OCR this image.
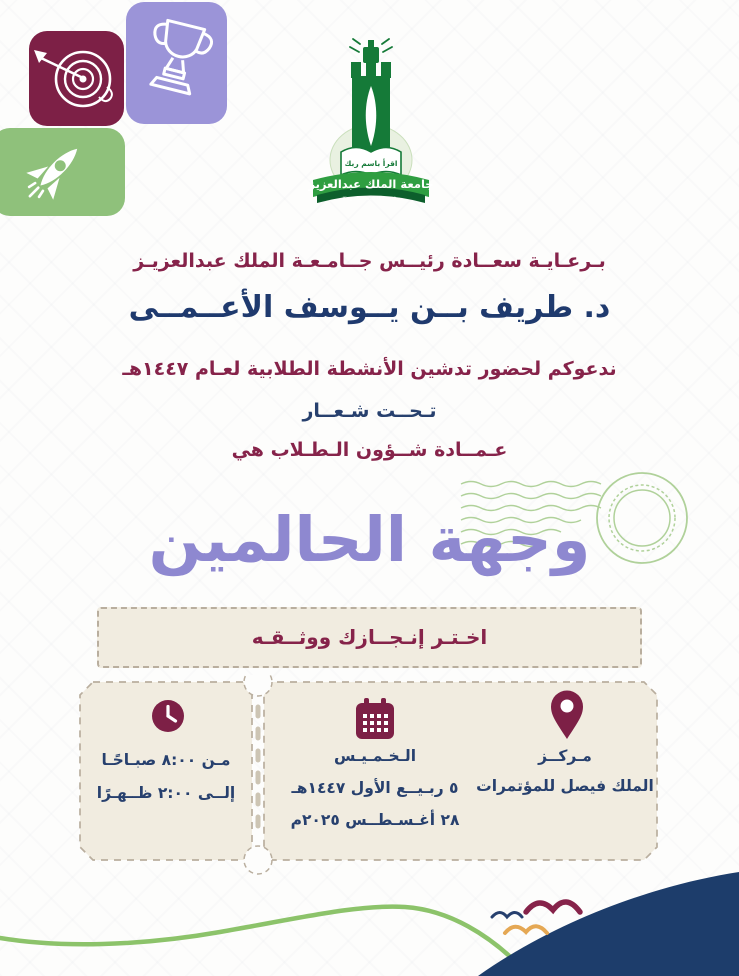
اقرأ باسم ربك
جامعة الملك عبدالعزيز
King Abdulaziz University
بـرعـايـة سعــادة رئيــس جــامـعـة الملك عبدالعزيـز
د. طريف بــن يــوسف الأعــمــى
ندعوكم لحضور تدشين الأنشطة الطلابية لعـام ١٤٤٧هـ
تـحــت شـعــار
عـمــادة شــؤون الـطـلاب هي
وجهة الحالمين
اخـتـر إنـجــازك ووثــقـه
مـن ٨:٠٠ صبـاحًـا
إلــى ٢:٠٠ ظــهـرًا
الـخـمـيـس
٥ ربـيــع الأول ١٤٤٧هـ
٢٨ أغـسـطــس ٢٠٢٥م
مـركــز
الملك فيصل للمؤتمرات
